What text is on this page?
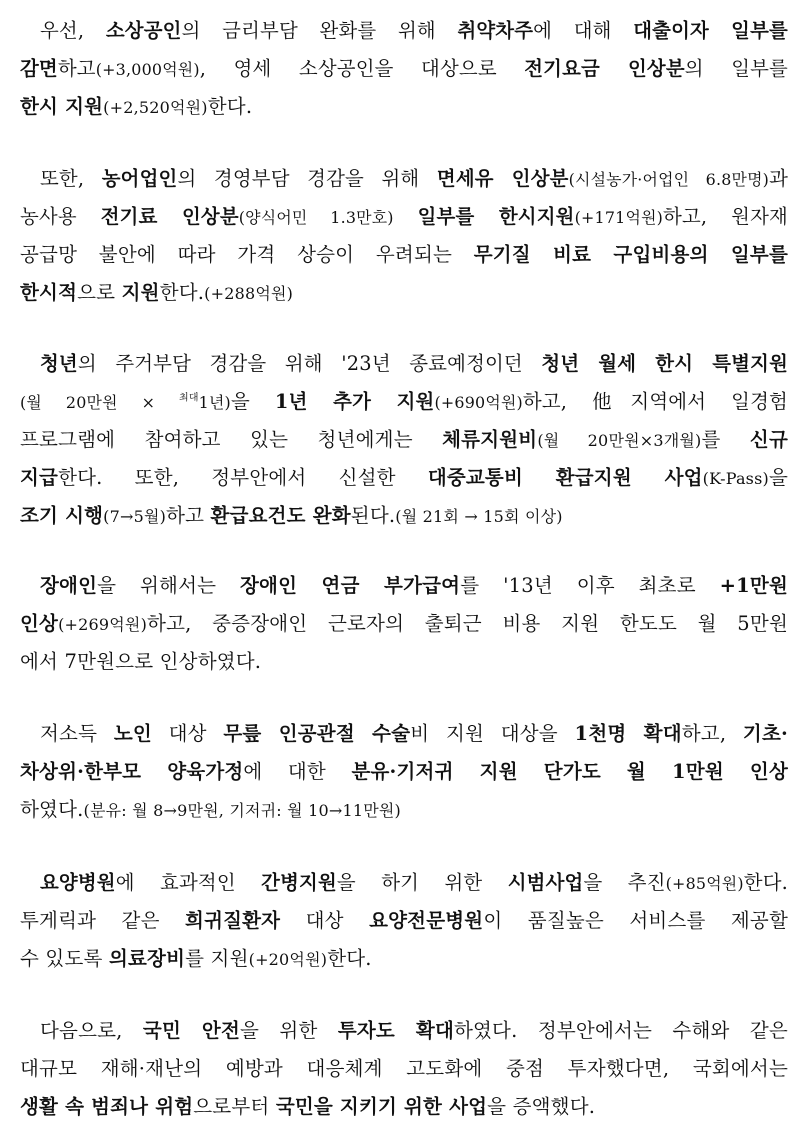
우선, 소상공인의 금리부담 완화를 위해 취약차주에 대해 대출이자 일부를
감면하고(+3,000억원), 영세 소상공인을 대상으로 전기요금 인상분의 일부를
한시 지원(+2,520억원)한다.
또한, 농어업인의 경영부담 경감을 위해 면세유 인상분(시설농가·어업인 6.8만명)과
농사용 전기료 인상분(양식어민 1.3만호) 일부를 한시지원(+171억원)하고, 원자재
공급망 불안에 따라 가격 상승이 우려되는 무기질 비료 구입비용의 일부를
한시적으로 지원한다.(+288억원)
청년의 주거부담 경감을 위해 '23년 종료예정이던 청년 월세 한시 특별지원
(월 20만원 × $^{최대}$1년)을 1년 추가 지원(+690억원)하고, 他지역에서 일경험
프로그램에 참여하고 있는 청년에게는 체류지원비(월 20만원×3개월)를 신규
지급한다. 또한, 정부안에서 신설한 대중교통비 환급지원 사업(K-Pass)을
조기 시행(7→5월)하고 환급요건도 완화된다.(월 21회 → 15회 이상)
장애인을 위해서는 장애인 연금 부가급여를 '13년 이후 최초로 +1만원
인상(+269억원)하고, 중증장애인 근로자의 출퇴근 비용 지원 한도도 월 5만원
에서 7만원으로 인상하였다.
저소득 노인 대상 무릎 인공관절 수술비 지원 대상을 1천명 확대하고, 기초·
차상위·한부모 양육가정에 대한 분유·기저귀 지원 단가도 월 1만원 인상
하였다.(분유: 월 8→9만원, 기저귀: 월 10→11만원)
요양병원에 효과적인 간병지원을 하기 위한 시범사업을 추진(+85억원)한다.
투게릭과 같은 희귀질환자 대상 요양전문병원이 품질높은 서비스를 제공할
수 있도록 의료장비를 지원(+20억원)한다.
다음으로, 국민 안전을 위한 투자도 확대하였다. 정부안에서는 수해와 같은
대규모 재해·재난의 예방과 대응체계 고도화에 중점 투자했다면, 국회에서는
생활 속 범죄나 위험으로부터 국민을 지키기 위한 사업을 증액했다.
